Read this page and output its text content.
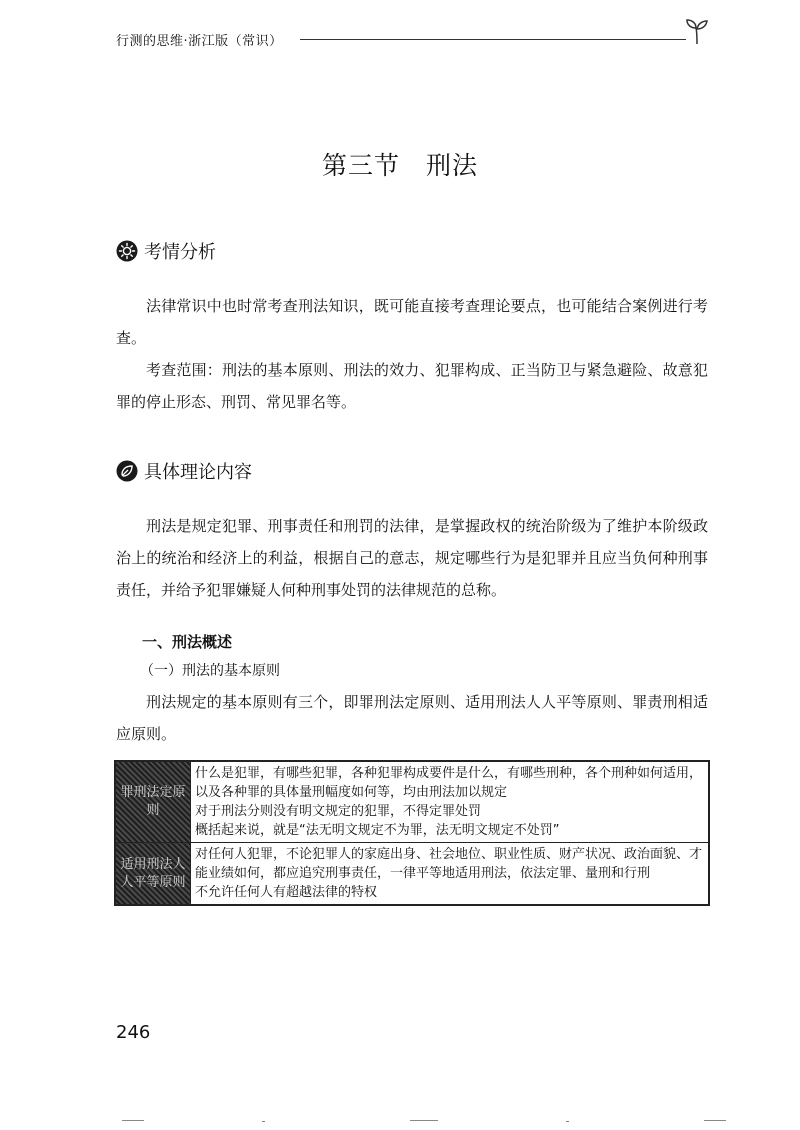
行测的思维·浙江版（常识）
第三节　刑法
考情分析

法律常识中也时常考查刑法知识，既可能直接考查理论要点，也可能结合案例进行考查。

考查范围：刑法的基本原则、刑法的效力、犯罪构成、正当防卫与紧急避险、故意犯罪的停止形态、刑罚、常见罪名等。

具体理论内容

刑法是规定犯罪、刑事责任和刑罚的法律，是掌握政权的统治阶级为了维护本阶级政治上的统治和经济上的利益，根据自己的意志，规定哪些行为是犯罪并且应当负何种刑事责任，并给予犯罪嫌疑人何种刑事处罚的法律规范的总称。

一、刑法概述
（一）刑法的基本原则

刑法规定的基本原则有三个，即罪刑法定原则、适用刑法人人平等原则、罪责刑相适应原则。

罪刑法定原则	什么是犯罪，有哪些犯罪，各种犯罪构成要件是什么，有哪些刑种，各个刑种如何适用，以及各种罪的具体量刑幅度如何等，均由刑法加以规定
对于刑法分则没有明文规定的犯罪，不得定罪处罚
概括起来说，就是“法无明文规定不为罪，法无明文规定不处罚”

适用刑法人人平等原则	对任何人犯罪，不论犯罪人的家庭出身、社会地位、职业性质、财产状况、政治面貌、才能业绩如何，都应追究刑事责任，一律平等地适用刑法，依法定罪、量刑和行刑
不允许任何人有超越法律的特权
246
